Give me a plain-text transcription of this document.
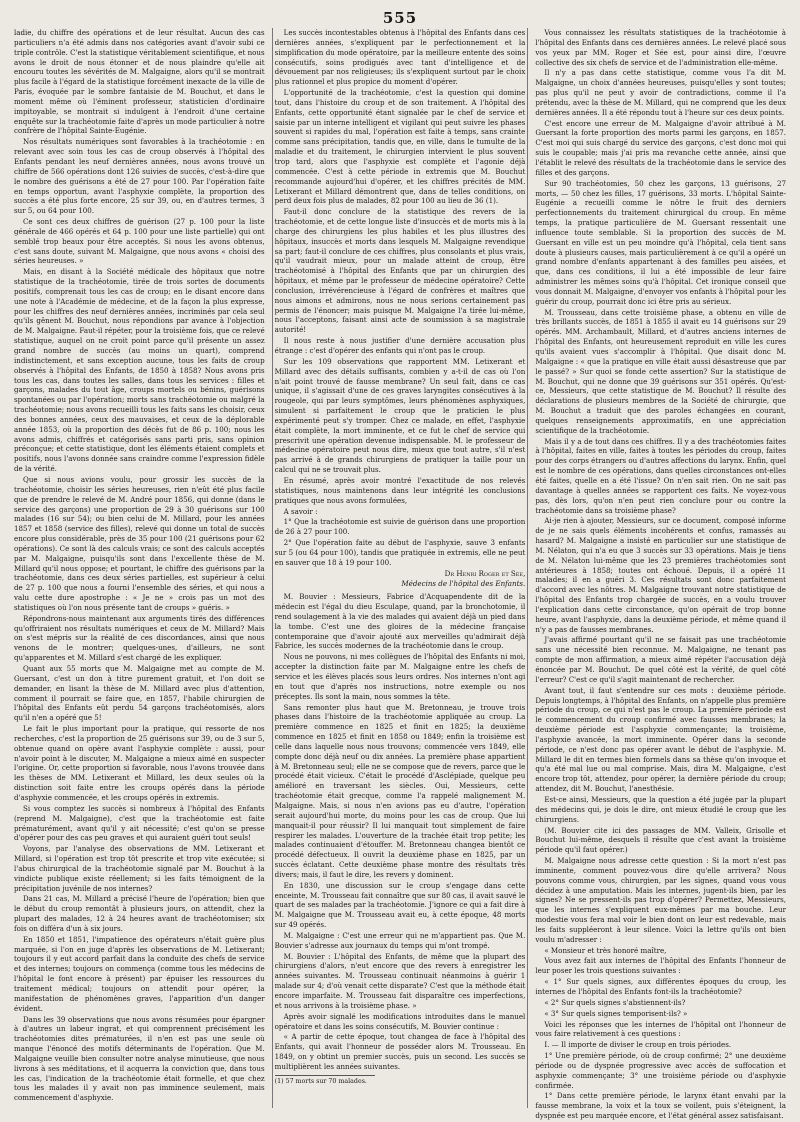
555

ladie, du chiffre des opérations et de leur résultat. Aucun des cas particuliers n'a été admis dans nos catégories avant d'avoir subi ce triple contrôle. C'est la statistique véritablement scientifique, et nous avons le droit de nous étonner et de nous plaindre qu'elle ait encouru toutes les sévérités de M. Malgaigne, alors qu'il se montrait plus facile à l'égard de la statistique forcément inexacte de la ville de Paris, évoquée par le sombre fantaisie de M. Bouchut, et dans le moment même où l'éminent professeur, statisticien d'ordinaire impitoyable, se montrait si indulgent à l'endroit d'une certaine enquête sur la trachéotomie faite d'après un mode particulier à notre confrère de l'hôpital Sainte-Eugénie.

Nos résultats numériques sont favorables à la trachéotomie : en relevant avec soin tous les cas de croup observés à l'hôpital des Enfants pendant les neuf dernières années, nous avons trouvé un chiffre de 566 opérations dont 126 suivies de succès, c'est-à-dire que le nombre des guérisons a été de 27 pour 100. Par l'opération faite en temps opportun, avant l'asphyxie complète, la proportion des succès a été plus forte encore, 25 sur 39, ou, en d'autres termes, 3 sur 5, ou 64 pour 100.

Ce sont ces deux chiffres de guérison (27 p. 100 pour la liste générale de 466 opérés et 64 p. 100 pour une liste partielle) qui ont semblé trop beaux pour être acceptés. Si nous les avons obtenus, c'est sans doute, suivant M. Malgaigne, que nous avons « choisi des séries heureuses. »

Mais, en disant à la Société médicale des hôpitaux que notre statistique de la trachéotomie, tirée de trois sortes de documents positifs, comprenait tous les cas de croup; en le disant encore dans une note à l'Académie de médecine, et de la façon la plus expresse, pour les chiffres des neuf dernières années, incriminés par cela seul qu'ils gênent M. Bouchut, nous répondions par avance à l'objection de M. Malgaigne. Faut-il répéter, pour la troisième fois, que ce relevé statistique, auquel on ne croit point parce qu'il présente un assez grand nombre de succès (au moins un quart), comprend indistinctement, et sans exception aucune, tous les faits de croup observés à l'hôpital des Enfants, de 1850 à 1858? Nous avons pris tous les cas, dans toutes les salles, dans tous les services : filles et garçons, malades du tout âge, croups mortels ou bénins, guérisons spontanées ou par l'opération; morts sans trachéotomie ou malgré la trachéotomie; nous avons recueilli tous les faits sans les choisir, ceux des bonnes années, ceux des mauvaises, et ceux de la déplorable année 1853, où la proportion des décès fut de 86 p. 100; nous les avons admis, chiffrés et catégorisés sans parti pris, sans opinion préconçue; et cette statistique, dont les éléments étaient complets et positifs, nous l'avons donnée sans craindre comme l'expression fidèle de la vérité.

Que si nous avions voulu, pour grossir les succès de la trachéotomie, choisir les séries heureuses, rien n'eût été plus facile que de prendre le relevé de M. André pour 1856, qui donne (dans le service des garçons) une proportion de 29 à 30 guérisons sur 100 malades (16 sur 54); ou bien celui de M. Millard, pour les années 1857 et 1858 (service des filles), relevé qui donne un total de succès encore plus considérable, près de 35 pour 100 (21 guérisons pour 62 opérations). Ce sont là des calculs vrais; ce sont des calculs acceptés par M. Malgaigne, puisqu'ils sont dans l'excellente thèse de M. Millard qu'il nous oppose; et pourtant, le chiffre des guérisons par la trachéotomie, dans ces deux séries partielles, est supérieur à celui de 27 p. 100 que nous a fourni l'ensemble des séries, et qui nous a valu cette dure apostrophe : « Je ne » crois pas un mot des statistiques où l'on nous présente tant de croups » guéris. »

Répondrons-nous maintenant aux arguments tirés des différences qu'offriraient nos résultats numériques et ceux de M. Millard? Mais on s'est mépris sur la réalité de ces discordances, ainsi que nous venons de le montrer; quelques-unes, d'ailleurs, ne sont qu'apparentes et M. Millard s'est chargé de les expliquer.

Quant aux 55 morts que M. Malgaigne met au compte de M. Guersant, c'est un don à titre purement gratuit, et l'on doit se demander, en lisant la thèse de M. Millard avec plus d'attention, comment il pourrait se faire que, en 1857, l'habile chirurgien de l'hôpital des Enfants eût perdu 54 garçons trachéotomisés, alors qu'il n'en a opéré que 5!

Le fait le plus important pour la pratique, qui ressorte de nos recherches, c'est la proportion de 25 guérisons sur 39, ou de 3 sur 5, obtenue quand on opère avant l'asphyxie complète : aussi, pour n'avoir point à le discuter, M. Malgaigne a mieux aimé en suspecter l'origine. Or, cette proportion si favorable, nous l'avons trouvée dans les thèses de MM. Letixerant et Millard, les deux seules où la distinction soit faite entre les croups opérés dans la période d'asphyxie commencée, et les croups opérés in extremis.

Si vous comptez les succès si nombreux à l'hôpital des Enfants (reprend M. Malgaigne), c'est que la trachéotomie est faite prématurément, avant qu'il y ait nécessité; c'est qu'on se presse d'opérer pour des cas peu graves et qui auraient guéri tout seuls!

Voyons, par l'analyse des observations de MM. Letixerant et Millard, si l'opération est trop tôt prescrite et trop vite exécutée; si l'abus chirurgical de la trachéotomie signalé par M. Bouchut à la vindicte publique existe réellement; si les faits témoignent de la précipitation juvénile de nos internes?

Dans 21 cas, M. Millard a précisé l'heure de l'opération; bien que le début du croup remontât à plusieurs jours, on attendit, chez la plupart des malades, 12 à 24 heures avant de trachéotomiser; six fois on différa d'un à six jours.

En 1850 et 1851, l'impatience des opérateurs n'était guère plus marquée, si l'on en juge d'après les observations de M. Letixerant; toujours il y eut accord parfait dans la conduite des chefs de service et des internes; toujours on commença (comme tous les médecins de l'hôpital le font encore à présent) par épuiser les ressources du traitement médical; toujours on attendit pour opérer, la manifestation de phénomènes graves, l'apparition d'un danger évident.

Dans les 39 observations que nous avons résumées pour épargner à d'autres un labeur ingrat, et qui comprennent précisément les trachéotomies dites prématurées, il n'en est pas une seule où manque l'énoncé des motifs déterminants de l'opération. Que M. Malgaigne veuille bien consulter notre analyse minutieuse, que nous livrons à ses méditations, et il acquerra la conviction que, dans tous les cas, l'indication de la trachéotomie était formelle, et que chez tous les malades il y avait non pas imminence seulement, mais commencement d'asphyxie.

Les succès incontestables obtenus à l'hôpital des Enfants dans ces dernières années, s'expliquent par le perfectionnement et la simplification du mode opératoire, par la meilleure entente des soins consécutifs, soins prodigués avec tant d'intelligence et de dévouement par nos religieuses; ils s'expliquent surtout par le choix plus rationnel et plus propice du moment d'opérer.

L'opportunité de la trachéotomie, c'est la question qui domine tout, dans l'histoire du croup et de son traitement. A l'hôpital des Enfants, cette opportunité étant signalée par le chef de service et saisie par un interne intelligent et vigilant qui peut suivre les phases souvent si rapides du mal, l'opération est faite à temps, sans crainte comme sans précipitation, tandis que, en ville, dans le tumulte de la maladie et du traitement, le chirurgien intervient le plus souvent trop tard, alors que l'asphyxie est complète et l'agonie déjà commencée. C'est à cette période in extremis que M. Bouchut recommande aujourd'hui d'opérer, et les chiffres précités de MM. Letixerant et Millard démontrent que, dans de telles conditions, on perd deux fois plus de malades, 82 pour 100 au lieu de 36 (1).

Faut-il donc conclure de la statistique des revers de la trachéotomie, et de cette longue liste d'insuccès et de morts mis à la charge des chirurgiens les plus habiles et les plus illustres des hôpitaux, insuccès et morts dans lesquels M. Malgaigne revendique sa part; faut-il conclure de ces chiffres, plus consolants et plus vrais, qu'il vaudrait mieux, pour un malade atteint de croup, être trachéotomisé à l'hôpital des Enfants que par un chirurgien des hôpitaux, et même par le professeur de médecine opératoire? Cette conclusion, irrévérencieuse à l'égard de confrères et maîtres que nous aimons et admirons, nous ne nous serions certainement pas permis de l'énoncer; mais puisque M. Malgaigne l'a tirée lui-même, nous l'acceptons, faisant ainsi acte de soumission à sa magistrale autorité!

Il nous reste à nous justifier d'une dernière accusation plus étrange : c'est d'opérer des enfants qui n'ont pas le croup.

Sur les 109 observations que rapportent MM. Letixerant et Millard avec des détails suffisants, combien y a-t-il de cas où l'on n'ait point trouvé de fausse membrane? Un seul fait, dans ce cas unique, il s'agissait d'une de ces graves laryngites consécutives à la rougeole, qui par leurs symptômes, leurs phénomènes asphyxiques, simulent si parfaitement le croup que le praticien le plus expérimenté peut s'y tromper. Chez ce malade, en effet, l'asphyxie était complète, la mort imminente, et ce fut le chef de service qui prescrivit une opération devenue indispensable. M. le professeur de médecine opératoire peut nous dire, mieux que tout autre, s'il n'est pas arrivé à de grands chirurgiens de pratiquer la taille pour un calcul qui ne se trouvait plus.

En résumé, après avoir montré l'exactitude de nos relevés statistiques, nous maintenons dans leur intégrité les conclusions pratiques que nous avons formulées,

A savoir :

1° Que la trachéotomie est suivie de guérison dans une proportion de 26 à 27 pour 100.

2° Que l'opération faite au début de l'asphyxie, sauve 3 enfants sur 5 (ou 64 pour 100), tandis que pratiquée in extremis, elle ne peut en sauver que 18 à 19 pour 100.

Dr Henri Roger et Sée,

Médecins de l'hôpital des Enfants.

M. Bouvier : Messieurs, Fabrice d'Acquapendente dit de la médecin est l'égal du dieu Esculape, quand, par la bronchotomie, il rend soulagement à la vie des malades qui avaient déjà un pied dans la tombe. C'est une des gloires de la médecine française contemporaine que d'avoir ajouté aux merveilles qu'admirait déjà Fabrice, les succès modernes de la trachéotomie dans le croup.

Nous ne pouvons, ni mes collègues de l'hôpital des Enfants ni moi, accepter la distinction faite par M. Malgaigne entre les chefs de service et les élèves placés sous leurs ordres. Nos internes n'ont agi en tout que d'après nos instructions, notre exemple ou nos préceptes. Ils sont la main, nous sommes la tête.

Sans remonter plus haut que M. Bretonneau, je trouve trois phases dans l'histoire de la trachéotomie appliquée au croup. La première commence en 1825 et finit en 1825; la deuxième commence en 1825 et finit en 1858 ou 1849; enfin la troisième est celle dans laquelle nous nous trouvons; commencée vers 1849, elle compte donc déjà neuf ou dix années. La première phase appartient à M. Bretonneau seul; elle ne se compose que de revers, parce que le procédé était vicieux. C'était le procédé d'Asclépiade, quelque peu amélioré en traversant les siècles. Oui, Messieurs, cette trachéotomie était grecque, comme l'a rappelé malignement M. Malgaigne. Mais, si nous n'en avions pas eu d'autre, l'opération serait aujourd'hui morte, du moins pour les cas de croup. Que lui manquait-il pour réussir? Il lui manquait tout simplement de faire respirer les malades. L'ouverture de la trachée était trop petite; les malades continuaient d'étouffer. M. Bretonneau changea bientôt ce procédé défectueux. Il ouvrit la deuxième phase en 1825, par un succès éclatant. Cette deuxième phase montre des résultats très divers; mais, il faut le dire, les revers y dominent.

En 1830, une discussion sur le croup s'engage dans cette enceinte, M. Trousseau fait connaître que sur 80 cas, il avait sauvé le quart de ses malades par la trachéotomie. J'ignore ce qui a fait dire à M. Malgaigne que M. Trousseau avait eu, à cette époque, 48 morts sur 49 opérés.

M. Malgaigne : C'est une erreur qui ne m'appartient pas. Que M. Bouvier s'adresse aux journaux du temps qui m'ont trompé.

M. Bouvier : L'hôpital des Enfants, de même que la plupart des chirurgiens d'alors, n'eut encore que des revers à enregistrer les années suivantes. M. Trousseau continuait néanmoins à guérir 1 malade sur 4; d'où venait cette disparate? C'est que la méthode était encore imparfaite. M. Trousseau fait disparaître ces imperfections, et nous arrivons à la troisième phase. »

Après avoir signalé les modifications introduites dans le manuel opératoire et dans les soins consécutifs, M. Bouvier continue :

« A partir de cette époque, tout changea de face à l'hôpital des Enfants, qui avait l'honneur de posséder alors M. Trousseau. En 1849, on y obtint un premier succès, puis un second. Les succès se multiplièrent les années suivantes.

(1) 57 morts sur 70 malades.

Vous connaissez les résultats statistiques de la trachéotomie à l'hôpital des Enfants dans ces dernières années. Le relevé placé sous vos yeux par MM. Roger et Sée est, pour ainsi dire, l'œuvre collective des six chefs de service et de l'administration elle-même.

Il n'y a pas dans cette statistique, comme vous l'a dit M. Malgaigne, un choix d'années heureuses, puisqu'elles y sont toutes; pas plus qu'il ne peut y avoir de contradictions, comme il l'a prétendu, avec la thèse de M. Millard, qui ne comprend que les deux dernières années. Il a été répondu tout à l'heure sur ces deux points.

C'est encore une erreur de M. Malgaigne d'avoir attribué à M. Guersant la forte proportion des morts parmi les garçons, en 1857. C'est moi qui suis chargé du service des garçons, c'est donc moi qui suis le coupable; mais j'ai pris ma revanche cette année, ainsi que l'établit le relevé des résultats de la trachéotomie dans le service des filles et des garçons.

Sur 90 trachéotomies, 50 chez les garçons, 13 guérisons, 27 morts, — 50 chez les filles, 17 guérisons, 33 morts. L'hôpital Sainte-Eugénie a recueilli comme le nôtre le fruit des derniers perfectionnements du traitement chirurgical du croup. En même temps, la pratique particulière de M. Guersant ressentait une influence toute semblable. Si la proportion des succès de M. Guersant en ville est un peu moindre qu'à l'hôpital, cela tient sans doute à plusieurs causes, mais particulièrement à ce qu'il a opéré un grand nombre d'enfants appartenant à des familles peu aisées, et que, dans ces conditions, il lui a été impossible de leur faire administrer les mêmes soins qu'à l'hôpital. Cet ironique conseil que vous donnait M. Malgaigne, d'envoyer vos enfants à l'hôpital pour les guérir du croup, pourrait donc ici être pris au sérieux.

M. Trousseau, dans cette troisième phase, a obtenu en ville de très brillants succès, de 1851 à 1855 il avait eu 14 guérisons sur 29 opérés. MM. Archambault, Millard, et d'autres anciens internes de l'hôpital des Enfants, ont heureusement reproduit en ville les cures qu'ils avaient vues s'accomplir à l'hôpital. Que disait donc M. Malgaigne : « que la pratique en ville était aussi désastreuse que par le passé? » Sur quoi se fonde cette assertion? Sur la statistique de M. Bouchut, qui ne donne que 39 guérisons sur 351 opérés. Qu'est-ce, Messieurs, que cette statistique de M. Bouchut? Il résulte des déclarations de plusieurs membres de la Société de chirurgie, que M. Bouchut a traduit que des paroles échangées en courant, quelques renseignements approximatifs, en une appréciation scientifique de la trachéotomie.

Mais il y a de tout dans ces chiffres. Il y a des trachéotomies faites à l'hôpital, faites en ville, faites à toutes les périodes du croup, faites pour des corps étrangers ou d'autres affections du larynx. Enfin, quel est le nombre de ces opérations, dans quelles circonstances ont-elles été faites, quelle en a été l'issue? On n'en sait rien. On ne sait pas davantage à quelles années se rapportent ces faits. Ne voyez-vous pas, dès lors, qu'on n'en peut rien conclure pour ou contre la trachéotomie dans sa troisième phase?

Ai-je rien à ajouter, Messieurs, sur ce document, composé informe de je ne sais quels éléments incohérents et confus, ramassés au hasard? M. Malgaigne a insisté en particulier sur une statistique de M. Nélaton, qui n'a eu que 3 succès sur 33 opérations. Mais je tiens de M. Nélaton lui-même que les 23 premières trachéotomies sont antérieures à 1858; toutes ont échoué. Depuis, il a opéré 11 malades; il en a guéri 3. Ces résultats sont donc parfaitement d'accord avec les nôtres. M. Malgaigne trouvant notre statistique de l'hôpital des Enfants trop chargée de succès, en a voulu trouver l'explication dans cette circonstance, qu'on opérait de trop bonne heure, avant l'asphyxie, dans la deuxième période, et même quand il n'y a pas de fausses membranes.

J'avais affirmé pourtant qu'il ne se faisait pas une trachéotomie sans une nécessité bien reconnue. M. Malgaigne, ne tenant pas compte de mon affirmation, a mieux aimé répéter l'accusation déjà énoncée par M. Bouchut. De quel côté est la vérité, de quel côté l'erreur? C'est ce qu'il s'agit maintenant de rechercher.

Avant tout, il faut s'entendre sur ces mots : deuxième période. Depuis longtemps, à l'hôpital des Enfants, on n'appelle plus première période du croup, ce qui n'est pas le croup. La première période est le commencement du croup confirmé avec fausses membranes; la deuxième période est l'asphyxie commençante; la troisième, l'asphyxie avancée, la mort imminente. Opérer dans la seconde période, ce n'est donc pas opérer avant le début de l'asphyxie. M. Millard le dit en termes bien formels dans sa thèse qu'on invoque et qu'a été mal lue ou mal comprise. Mais, dira M. Malgaigne, c'est encore trop tôt, attendez, pour opérer, la dernière période du croup; attendez, dit M. Bouchut, l'anesthésie.

Est-ce ainsi, Messieurs, que la question a été jugée par la plupart des médecins qui, je dois le dire, ont mieux étudié le croup que les chirurgiens.

(M. Bouvier cite ici des passages de MM. Valleix, Grisolle et Bouchut lui-même, desquels il résulte que c'est avant la troisième période qu'il faut opérer.)

M. Malgaigne nous adresse cette question : Si la mort n'est pas imminente, comment pouvez-vous dire qu'elle arrivera? Nous pouvons comme vous, chirurgien, par les signes, quand vous vous décidez à une amputation. Mais les internes, jugent-ils bien, par les signes? Ne se pressent-ils pas trop d'opérer? Permettez, Messieurs, que les internes s'expliquent eux-mêmes par ma bouche. Leur modestie vous fera mal voir le bien dont on leur est redevable, mais les faits suppléeront à leur silence. Voici la lettre qu'ils ont bien voulu m'adresser :

« Monsieur et très honoré maître,

Vous avez fait aux internes de l'hôpital des Enfants l'honneur de leur poser les trois questions suivantes :

« 1° Sur quels signes, aux différentes époques du croup, les internes de l'hôpital des Enfants font-ils la trachéotomie?

« 2° Sur quels signes s'abstiennent-ils?

« 3° Sur quels signes temporisent-ils? »

Voici les réponses que les internes de l'hôpital ont l'honneur de vous faire relativement à ces questions :

I. — Il importe de diviser le croup en trois périodes.

1° Une première période, où de croup confirmé; 2° une deuxième période ou de dyspnée progressive avec accès de suffocation et asphyxie commençante; 3° une troisième période ou d'asphyxie confirmée.

1° Dans cette première période, le larynx étant envahi par la fausse membrane, la voix et la toux se voilent, puis s'éteignent, la dyspnée est peu marquée encore, et l'état général assez satisfaisant.
